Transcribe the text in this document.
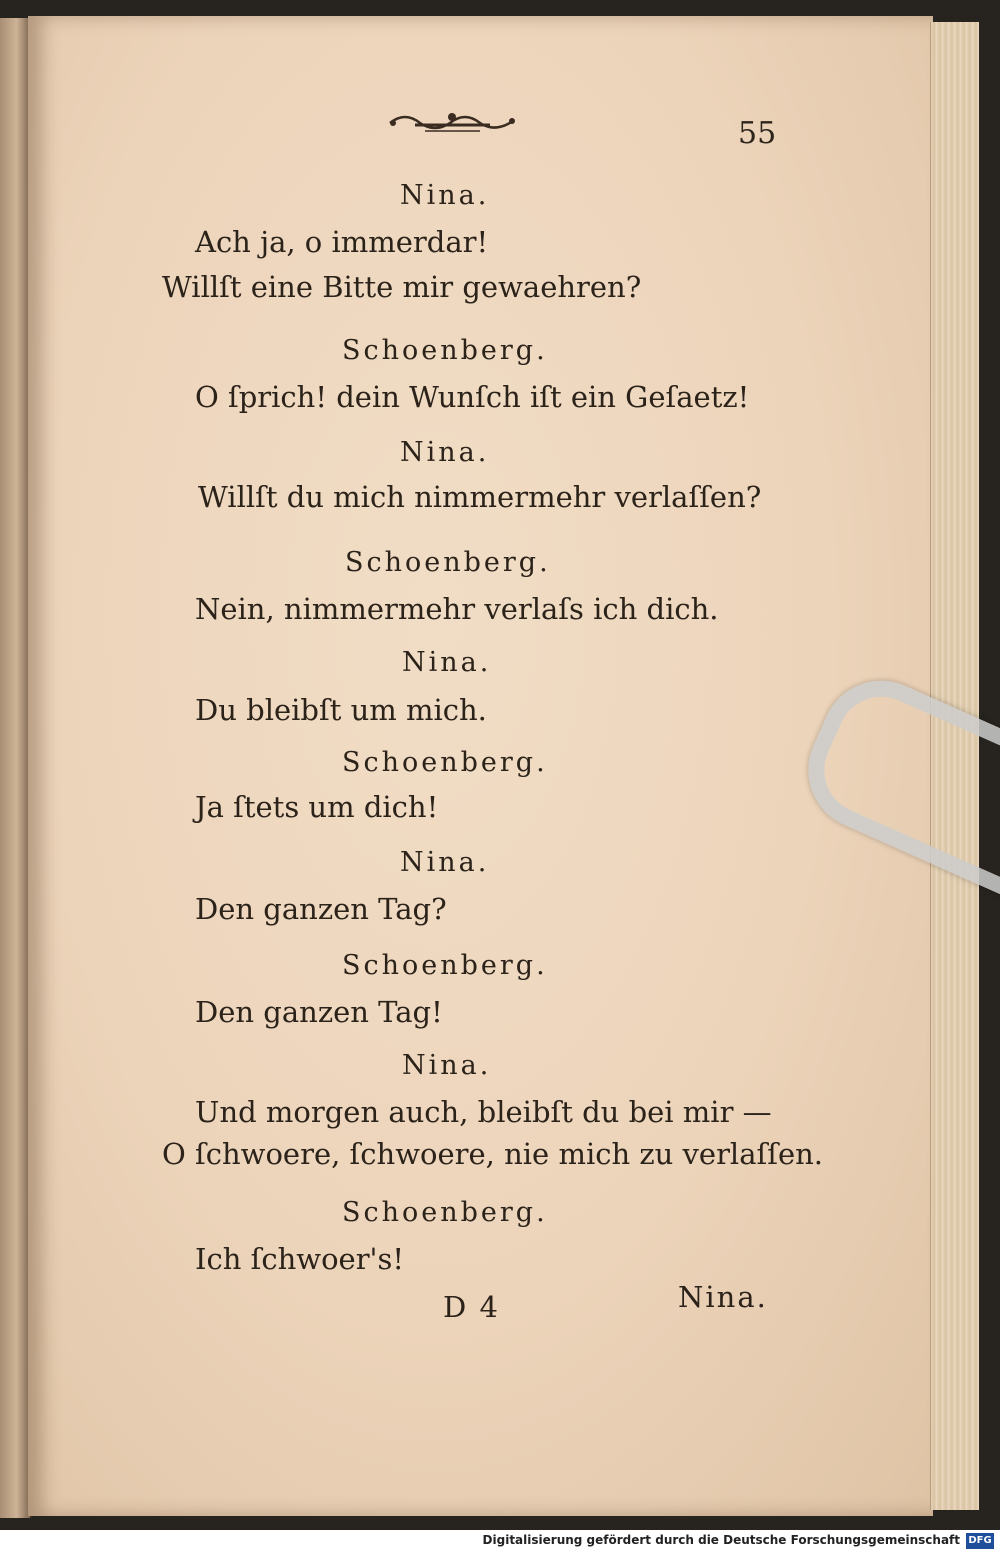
55
Nina.
Ach ja, o immerdar!
Willſt eine Bitte mir gewaehren?
Schoenberg.
O ſprich! dein Wunſch iſt ein Geſaetz!
Nina.
Willſt du mich nimmermehr verlaſſen?
Schoenberg.
Nein, nimmermehr verlaſs ich dich.
Nina.
Du bleibſt um mich.
Schoenberg.
Ja ſtets um dich!
Nina.
Den ganzen Tag?
Schoenberg.
Den ganzen Tag!
Nina.
Und morgen auch, bleibſt du bei mir —
O ſchwoere, ſchwoere, nie mich zu verlaſſen.
Schoenberg.
Ich ſchwoer's!
D 4	Nina.
Digitalisierung gefördert durch die Deutsche Forschungsgemeinschaft DFG
